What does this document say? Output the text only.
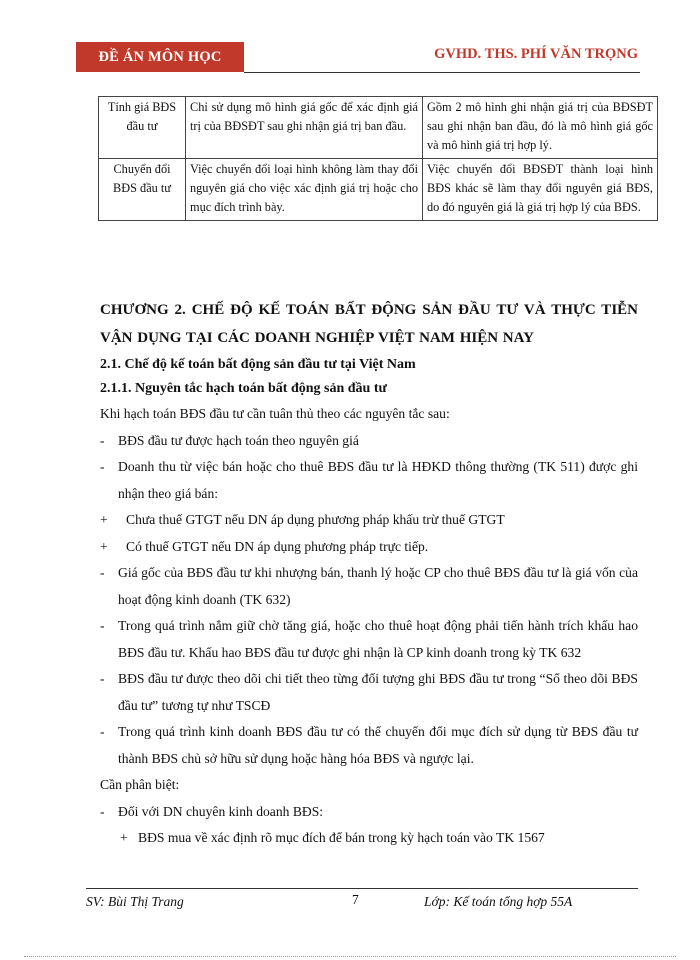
ĐỀ ÁN MÔN HỌC	GVHD. THS. PHÍ VĂN TRỌNG
Tính giá BĐS đầu tư	Chỉ sử dụng mô hình giá gốc để xác định giá trị của BĐSĐT sau ghi nhận giá trị ban đầu.	Gồm 2 mô hình ghi nhận giá trị của BĐSĐT sau ghi nhận ban đầu, đó là mô hình giá gốc và mô hình giá trị hợp lý.
Chuyển đổi BĐS đầu tư	Việc chuyển đổi loại hình không làm thay đổi nguyên giá cho việc xác định giá trị hoặc cho mục đích trình bày.	Việc chuyển đổi BĐSĐT thành loại hình BĐS khác sẽ làm thay đổi nguyên giá BĐS, do đó nguyên giá là giá trị hợp lý của BĐS.
CHƯƠNG 2. CHẾ ĐỘ KẾ TOÁN BẤT ĐỘNG SẢN ĐẦU TƯ VÀ THỰC TIỄN VẬN DỤNG TẠI CÁC DOANH NGHIỆP VIỆT NAM HIỆN NAY
2.1. Chế độ kế toán bất động sản đầu tư tại Việt Nam
2.1.1. Nguyên tắc hạch toán bất động sản đầu tư

Khi hạch toán BĐS đầu tư cần tuân thủ theo các nguyên tắc sau:

- BĐS đầu tư được hạch toán theo nguyên giá
- Doanh thu từ việc bán hoặc cho thuê BĐS đầu tư là HĐKD thông thường (TK 511) được ghi nhận theo giá bán:
+	Chưa thuế GTGT nếu DN áp dụng phương pháp khấu trừ thuế GTGT
+	Có thuế GTGT nếu DN áp dụng phương pháp trực tiếp.
- Giá gốc của BĐS đầu tư khi nhượng bán, thanh lý hoặc CP cho thuê BĐS đầu tư là giá vốn của hoạt động kinh doanh (TK 632)
- Trong quá trình nắm giữ chờ tăng giá, hoặc cho thuê hoạt động phải tiến hành trích khấu hao BĐS đầu tư. Khấu hao BĐS đầu tư được ghi nhận là CP kinh doanh trong kỳ TK 632
- BĐS đầu tư được theo dõi chi tiết theo từng đối tượng ghi BĐS đầu tư trong “Sổ theo dõi BĐS đầu tư” tương tự như TSCĐ
- Trong quá trình kinh doanh BĐS đầu tư có thể chuyển đổi mục đích sử dụng từ BĐS đầu tư thành BĐS chủ sở hữu sử dụng hoặc hàng hóa BĐS và ngược lại.

Cần phân biệt:

- Đối với DN chuyên kinh doanh BĐS:
+ BĐS mua về xác định rõ mục đích để bán trong kỳ hạch toán vào TK 1567
SV: Bùi Thị Trang	7	Lớp: Kế toán tổng hợp 55A
